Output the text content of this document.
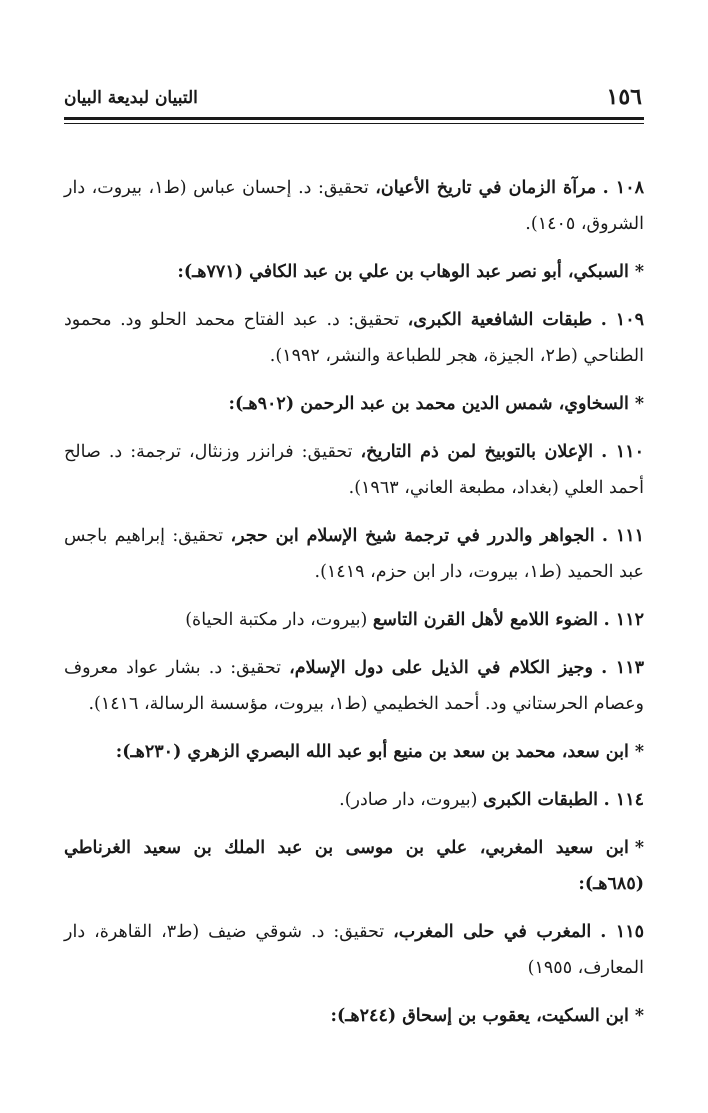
١٥٦
التبيان لبديعة البيان

١٠٨ . مرآة الزمان في تاريخ الأعيان، تحقيق: د. إحسان عباس (ط١، بيروت، دار الشروق، ١٤٠٥).

*السبكي، أبو نصر عبد الوهاب بن علي بن عبد الكافي (٧٧١هـ):

١٠٩ . طبقات الشافعية الكبرى، تحقيق: د. عبد الفتاح محمد الحلو ود. محمود الطناحي (ط٢، الجيزة، هجر للطباعة والنشر، ١٩٩٢).

*السخاوي، شمس الدين محمد بن عبد الرحمن (٩٠٢هـ):

١١٠ . الإعلان بالتوبيخ لمن ذم التاريخ، تحقيق: فرانزر وزنثال، ترجمة: د. صالح أحمد العلي (بغداد، مطبعة العاني، ١٩٦٣).

١١١ . الجواهر والدرر في ترجمة شيخ الإسلام ابن حجر، تحقيق: إبراهيم باجس عبد الحميد (ط١، بيروت، دار ابن حزم، ١٤١٩).

١١٢ . الضوء اللامع لأهل القرن التاسع (بيروت، دار مكتبة الحياة)

١١٣ . وجيز الكلام في الذيل على دول الإسلام، تحقيق: د. بشار عواد معروف وعصام الحرستاني ود. أحمد الخطيمي (ط١، بيروت، مؤسسة الرسالة، ١٤١٦).

*ابن سعد، محمد بن سعد بن منيع أبو عبد الله البصري الزهري (٢٣٠هـ):

١١٤ . الطبقات الكبرى (بيروت، دار صادر).

*ابن سعيد المغربي، علي بن موسى بن عبد الملك بن سعيد الغرناطي (٦٨٥هـ):

١١٥ . المغرب في حلى المغرب، تحقيق: د. شوقي ضيف (ط٣، القاهرة، دار المعارف، ١٩٥٥)

*ابن السكيت، يعقوب بن إسحاق (٢٤٤هـ):
